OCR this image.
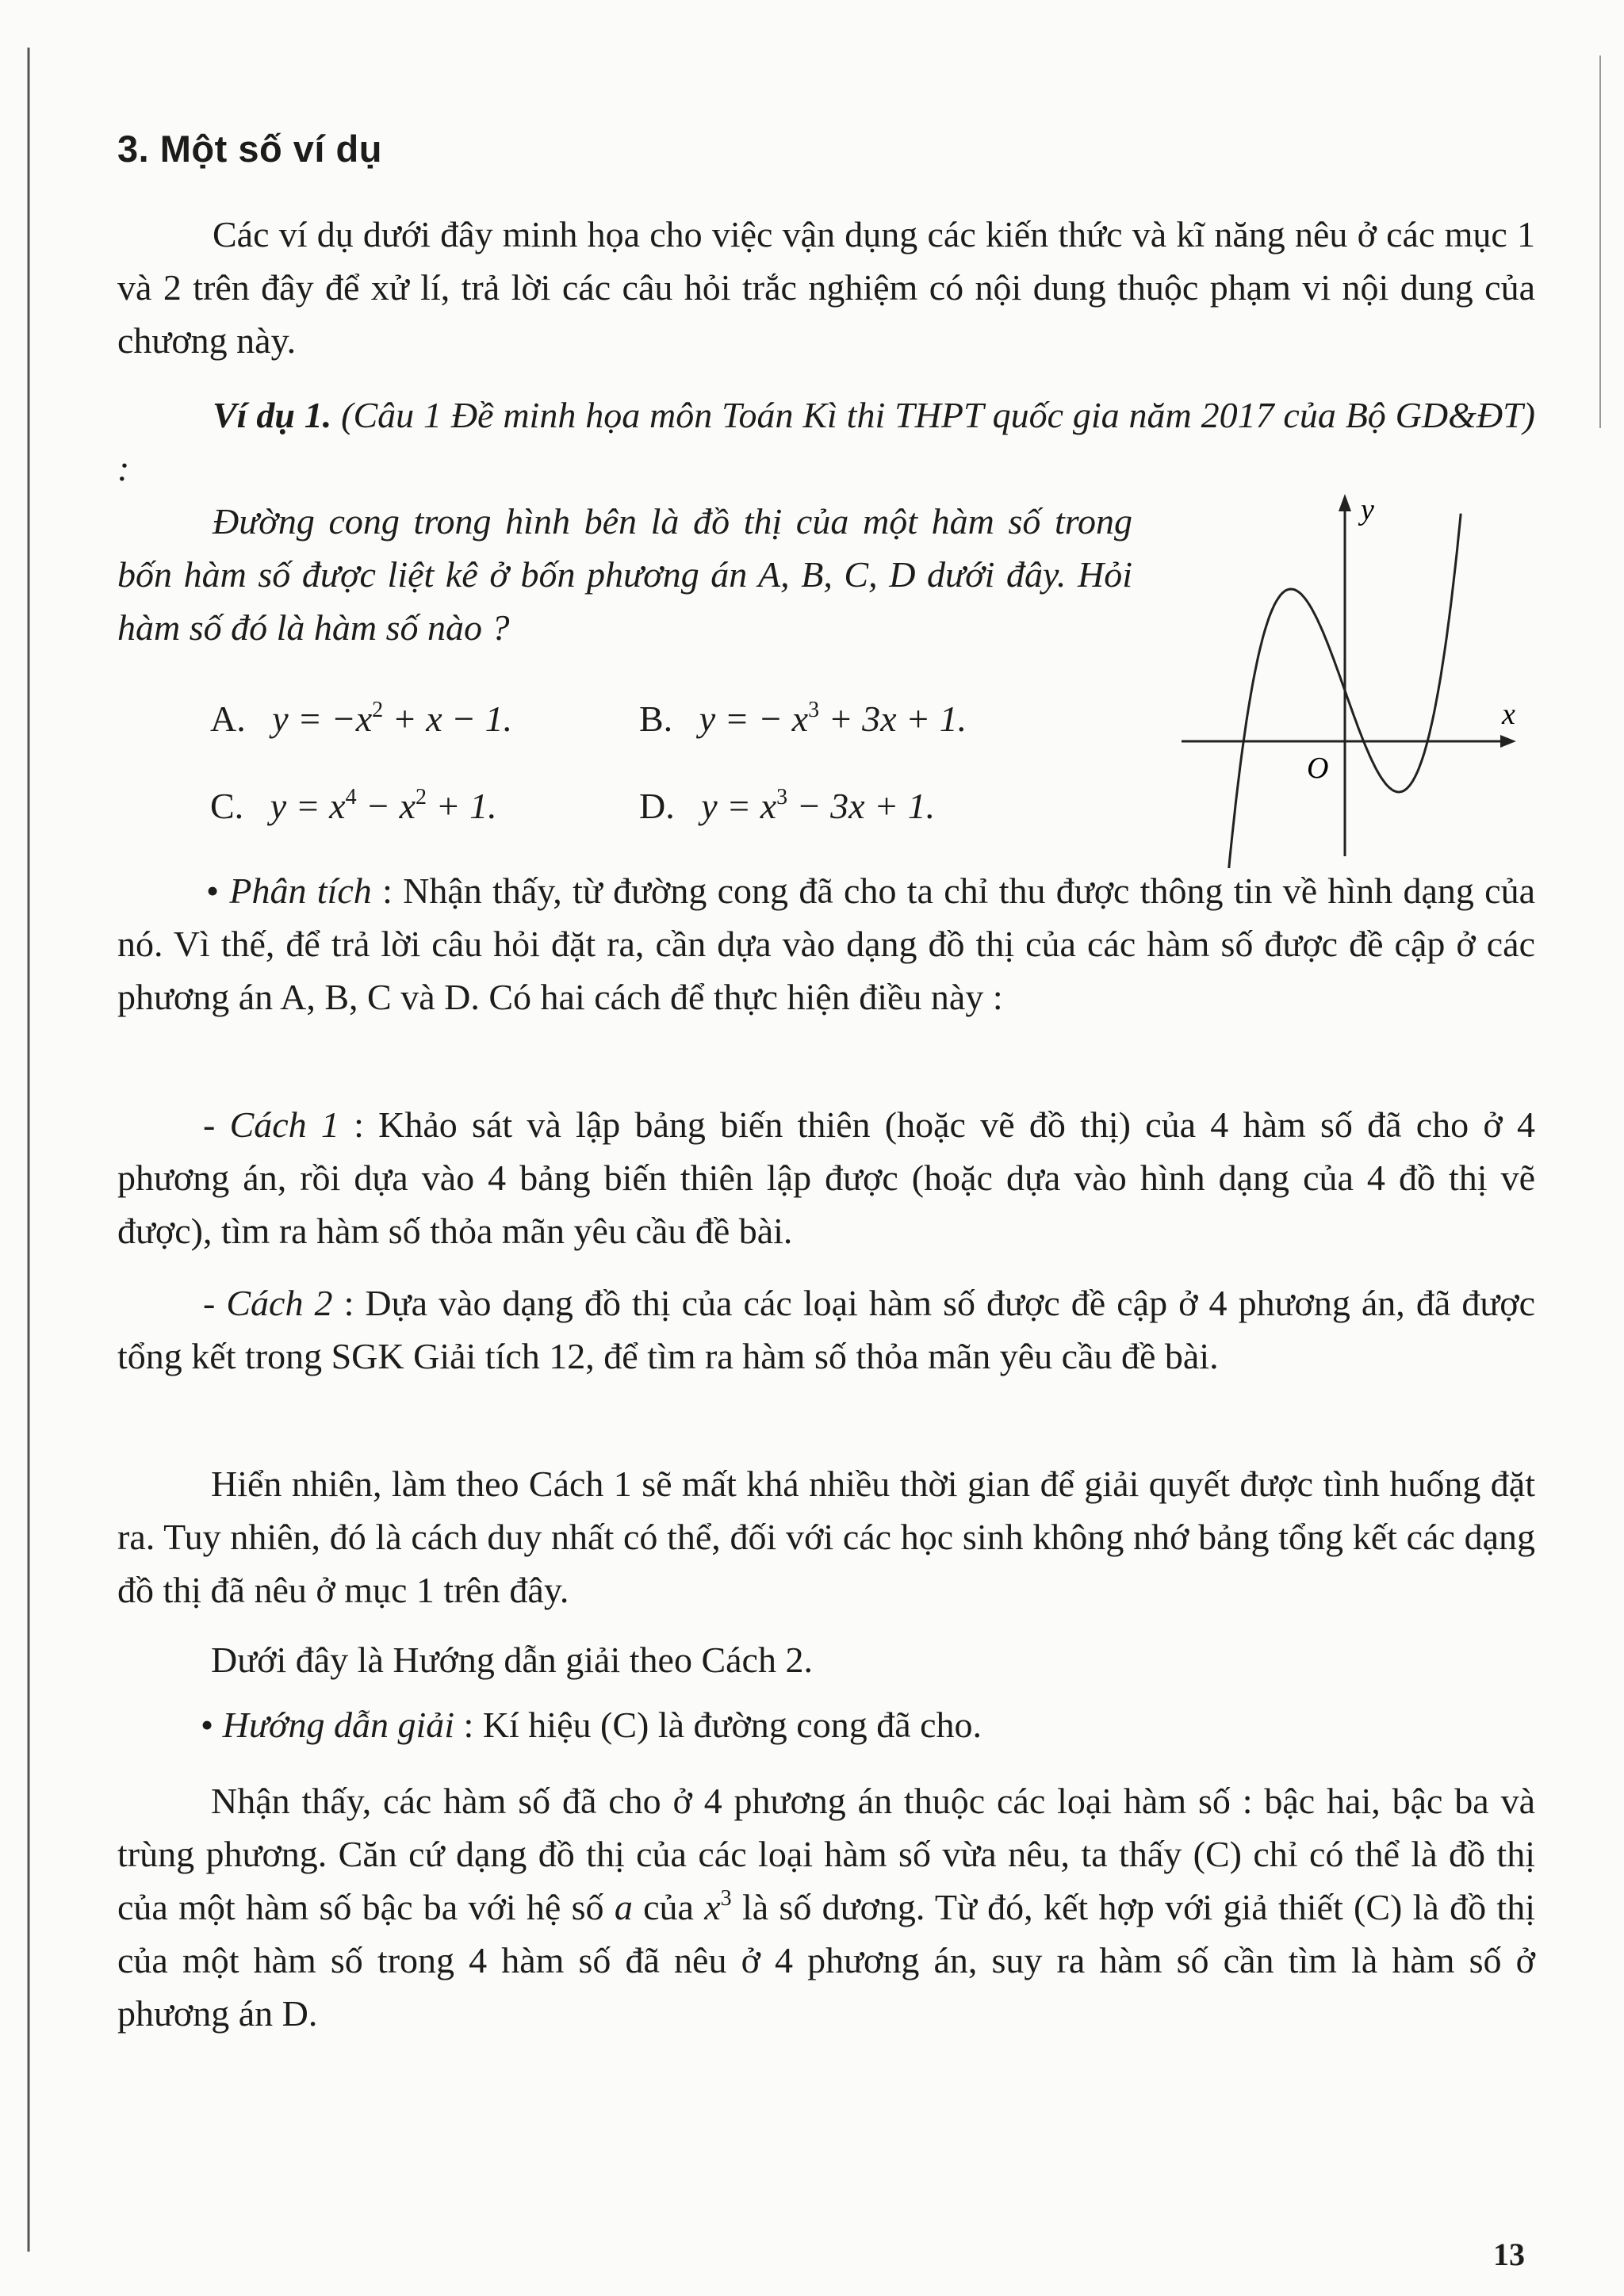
3. Một số ví dụ

Các ví dụ dưới đây minh họa cho việc vận dụng các kiến thức và kĩ năng nêu ở các mục 1 và 2 trên đây để xử lí, trả lời các câu hỏi trắc nghiệm có nội dung thuộc phạm vi nội dung của chương này.

Ví dụ 1. (Câu 1 Đề minh họa môn Toán Kì thi THPT quốc gia năm 2017 của Bộ GD&ĐT) :

Đường cong trong hình bên là đồ thị của một hàm số trong bốn hàm số được liệt kê ở bốn phương án A, B, C, D dưới đây. Hỏi hàm số đó là hàm số nào ?

A. $y = -x^2 + x - 1$.	B. y = − $x^3 + 3x + 1$.
C. $y = x^4 - x^2 + 1$.	D. $y = x^3 - 3x + 1$.
y
x
O

• Phân tích : Nhận thấy, từ đường cong đã cho ta chỉ thu được thông tin về hình dạng của nó. Vì thế, để trả lời câu hỏi đặt ra, cần dựa vào dạng đồ thị của các hàm số được đề cập ở các phương án A, B, C và D. Có hai cách để thực hiện điều này :

- Cách 1 : Khảo sát và lập bảng biến thiên (hoặc vẽ đồ thị) của 4 hàm số đã cho ở 4 phương án, rồi dựa vào 4 bảng biến thiên lập được (hoặc dựa vào hình dạng của 4 đồ thị vẽ được), tìm ra hàm số thỏa mãn yêu cầu đề bài.

- Cách 2 : Dựa vào dạng đồ thị của các loại hàm số được đề cập ở 4 phương án, đã được tổng kết trong SGK Giải tích 12, để tìm ra hàm số thỏa mãn yêu cầu đề bài.

Hiển nhiên, làm theo Cách 1 sẽ mất khá nhiều thời gian để giải quyết được tình huống đặt ra. Tuy nhiên, đó là cách duy nhất có thể, đối với các học sinh không nhớ bảng tổng kết các dạng đồ thị đã nêu ở mục 1 trên đây.

Dưới đây là Hướng dẫn giải theo Cách 2.

• Hướng dẫn giải : Kí hiệu (C) là đường cong đã cho.

Nhận thấy, các hàm số đã cho ở 4 phương án thuộc các loại hàm số : bậc hai, bậc ba và trùng phương. Căn cứ dạng đồ thị của các loại hàm số vừa nêu, ta thấy (C) chỉ có thể là đồ thị của một hàm số bậc ba với hệ số a của $x^3$ là số dương. Từ đó, kết hợp với giả thiết (C) là đồ thị của một hàm số trong 4 hàm số đã nêu ở 4 phương án, suy ra hàm số cần tìm là hàm số ở phương án D.

13
